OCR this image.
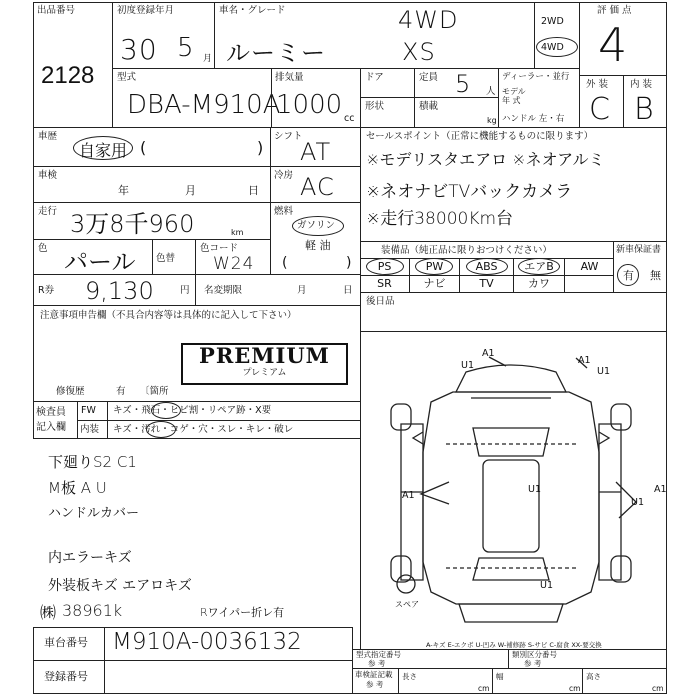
出品番号
2128
初度登録年月
30 5 月
車名・グレード
ルーミー
4WD
XS
2WD
4WD
評 価 点
4
型式
DBA-M910A
排気量
1000 cc
ドア	定員 5 人
形状	積載
kg
ディーラー・並行
モデル
年 式
ハンドル 左・右
外 装
C
内 装
B
車歴
自家用 (	)
シフト
AT
車検
年	月	日
冷房 AC
走行 3万8千960	km
燃料
ガソリン
軽 油
(	)
色 パール 色替
色コード
W24
R券 9,130	円 名変期限	月	日
注意事項申告欄（不具合内容等は具体的に記入して下さい）
PREMIUM
プレミアム
修復歴	有 〔箇所
検査員
記入欄
FW キズ・飛石・ヒビ割・リペア跡・X要
内装 キズ・汚れ・コゲ・穴・スレ・キレ・破レ
下廻りS2 C1
M板 A U
ハンドルカバー
内エラーキズ
外装板キズ エアロキズ
㈱ 38961k	Rワイパー折レ有
セールスポイント（正常に機能するものに限ります）
※モデリスタエアロ ※ネオアルミ
※ネオナビTVバックカメラ
※走行38000Km台
装備品（純正品に限りおつけください）
PS	PW	ABS	エアB	AW
SR	ナビ	TV	カワ
新車保証書
有 無
後日品
A1
U1	A1
U1
A1
U1
U1
A1
U1
スペア
A-キズ E-エクボ U-凹み W-補修跡 S-サビ C-腐食 XX-要交換
車台番号 M910A-0036132
登録番号
型式指定番号
参 考
類別区分番号
参 考
車検証記載
参 考
長さ
cm
幅
cm
高さ
cm
